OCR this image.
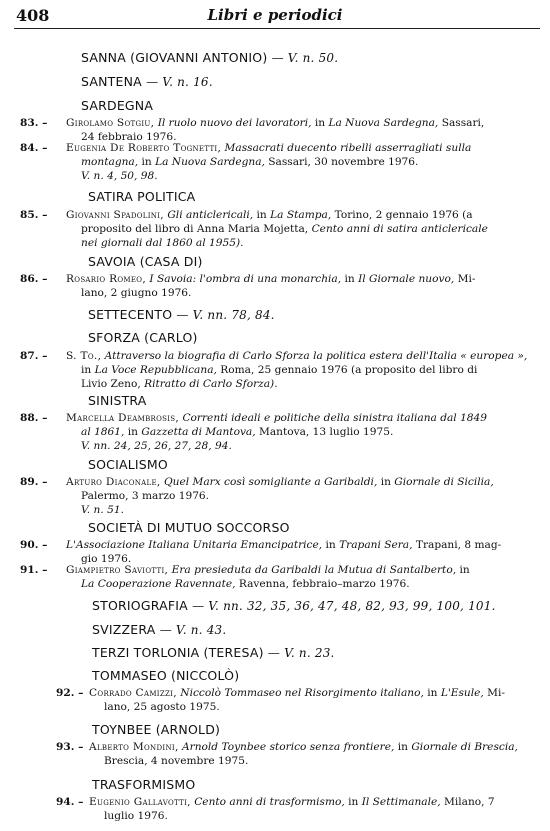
408	Libri e periodici
SANNA (GIOVANNI ANTONIO) — V. n. 50.
SANTENA — V. n. 16.
SARDEGNA
83. – Girolamo Sotgiu, Il ruolo nuovo dei lavoratori, in La Nuova Sardegna, Sassari,
24 febbraio 1976.
84. – Eugenia De Roberto Tognetti, Massacrati duecento ribelli asserragliati sulla
montagna, in La Nuova Sardegna, Sassari, 30 novembre 1976.
V. n. 4, 50, 98.
SATIRA POLITICA
85. – Giovanni Spadolini, Gli anticlericali, in La Stampa, Torino, 2 gennaio 1976 (a
proposito del libro di Anna Maria Mojetta, Cento anni di satira anticlericale
nei giornali dal 1860 al 1955).
SAVOIA (CASA DI)
86. – Rosario Romeo, I Savoia: l'ombra di una monarchia, in Il Giornale nuovo, Mi-
lano, 2 giugno 1976.
SETTECENTO — V. nn. 78, 84.
SFORZA (CARLO)
87. – S. To., Attraverso la biografia di Carlo Sforza la politica estera dell'Italia « europea »,
in La Voce Repubblicana, Roma, 25 gennaio 1976 (a proposito del libro di
Livio Zeno, Ritratto di Carlo Sforza).
SINISTRA
88. – Marcella Deambrosis, Correnti ideali e politiche della sinistra italiana dal 1849
al 1861, in Gazzetta di Mantova, Mantova, 13 luglio 1975.
V. nn. 24, 25, 26, 27, 28, 94.
SOCIALISMO
89. – Arturo Diaconale, Quel Marx così somigliante a Garibaldi, in Giornale di Sicilia,
Palermo, 3 marzo 1976.
V. n. 51.
SOCIETÀ DI MUTUO SOCCORSO
90. – L'Associazione Italiana Unitaria Emancipatrice, in Trapani Sera, Trapani, 8 mag-
gio 1976.
91. – Giampietro Saviotti, Era presieduta da Garibaldi la Mutua di Santalberto, in
La Cooperazione Ravennate, Ravenna, febbraio–marzo 1976.
STORIOGRAFIA — V. nn. 32, 35, 36, 47, 48, 82, 93, 99, 100, 101.
SVIZZERA — V. n. 43.
TERZI TORLONIA (TERESA) — V. n. 23.
TOMMASEO (NICCOLÒ)
92. – Corrado Camizzi, Niccolò Tommaseo nel Risorgimento italiano, in L'Esule, Mi-
lano, 25 agosto 1975.
TOYNBEE (ARNOLD)
93. – Alberto Mondini, Arnold Toynbee storico senza frontiere, in Giornale di Brescia,
Brescia, 4 novembre 1975.
TRASFORMISMO
94. – Eugenio Gallavotti, Cento anni di trasformismo, in Il Settimanale, Milano, 7
luglio 1976.
